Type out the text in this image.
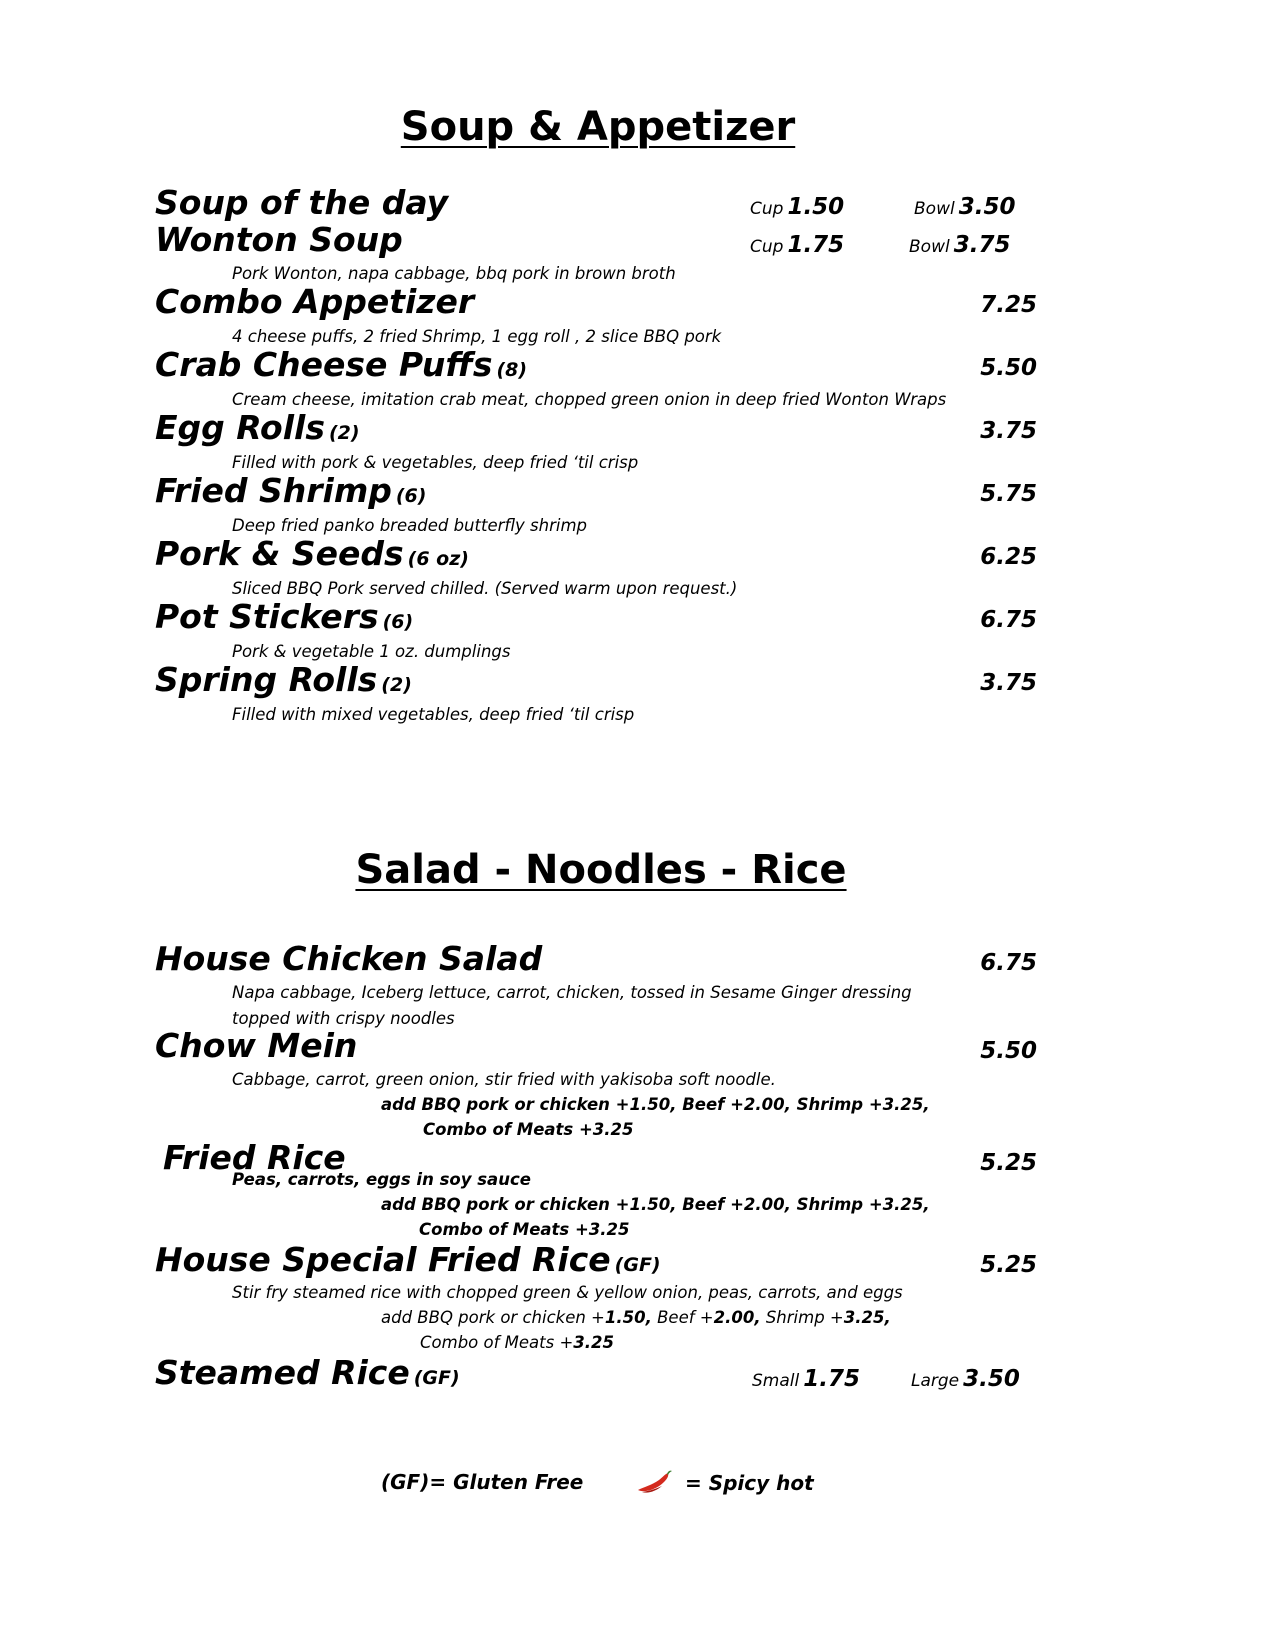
Soup & Appetizer
Soup of the day	Cup 1.50	Bowl 3.50
Wonton Soup	Cup 1.75	Bowl 3.75
Pork Wonton, napa cabbage, bbq pork in brown broth
Combo Appetizer	7.25
4 cheese puffs, 2 fried Shrimp, 1 egg roll , 2 slice BBQ pork
Crab Cheese Puffs (8)	5.50
Cream cheese, imitation crab meat, chopped green onion in deep fried Wonton Wraps
Egg Rolls (2)	3.75
Filled with pork & vegetables, deep fried ‘til crisp
Fried Shrimp (6)	5.75
Deep fried panko breaded butterfly shrimp
Pork & Seeds (6 oz)	6.25
Sliced BBQ Pork served chilled. (Served warm upon request.)
Pot Stickers (6)	6.75
Pork & vegetable 1 oz. dumplings
Spring Rolls (2)	3.75
Filled with mixed vegetables, deep fried ‘til crisp
Salad - Noodles - Rice
House Chicken Salad	6.75
Napa cabbage, Iceberg lettuce, carrot, chicken, tossed in Sesame Ginger dressing
topped with crispy noodles
Chow Mein	5.50
Cabbage, carrot, green onion, stir fried with yakisoba soft noodle.
add BBQ pork or chicken +1.50, Beef +2.00, Shrimp +3.25,
Combo of Meats +3.25
Fried Rice	5.25
Peas, carrots, eggs in soy sauce
add BBQ pork or chicken +1.50, Beef +2.00, Shrimp +3.25,
Combo of Meats +3.25
House Special Fried Rice (GF)	5.25
Stir fry steamed rice with chopped green & yellow onion, peas, carrots, and eggs
add BBQ pork or chicken +1.50, Beef +2.00, Shrimp +3.25,
Combo of Meats +3.25
Steamed Rice (GF)	Small 1.75	Large 3.50
(GF)= Gluten Free	= Spicy hot
